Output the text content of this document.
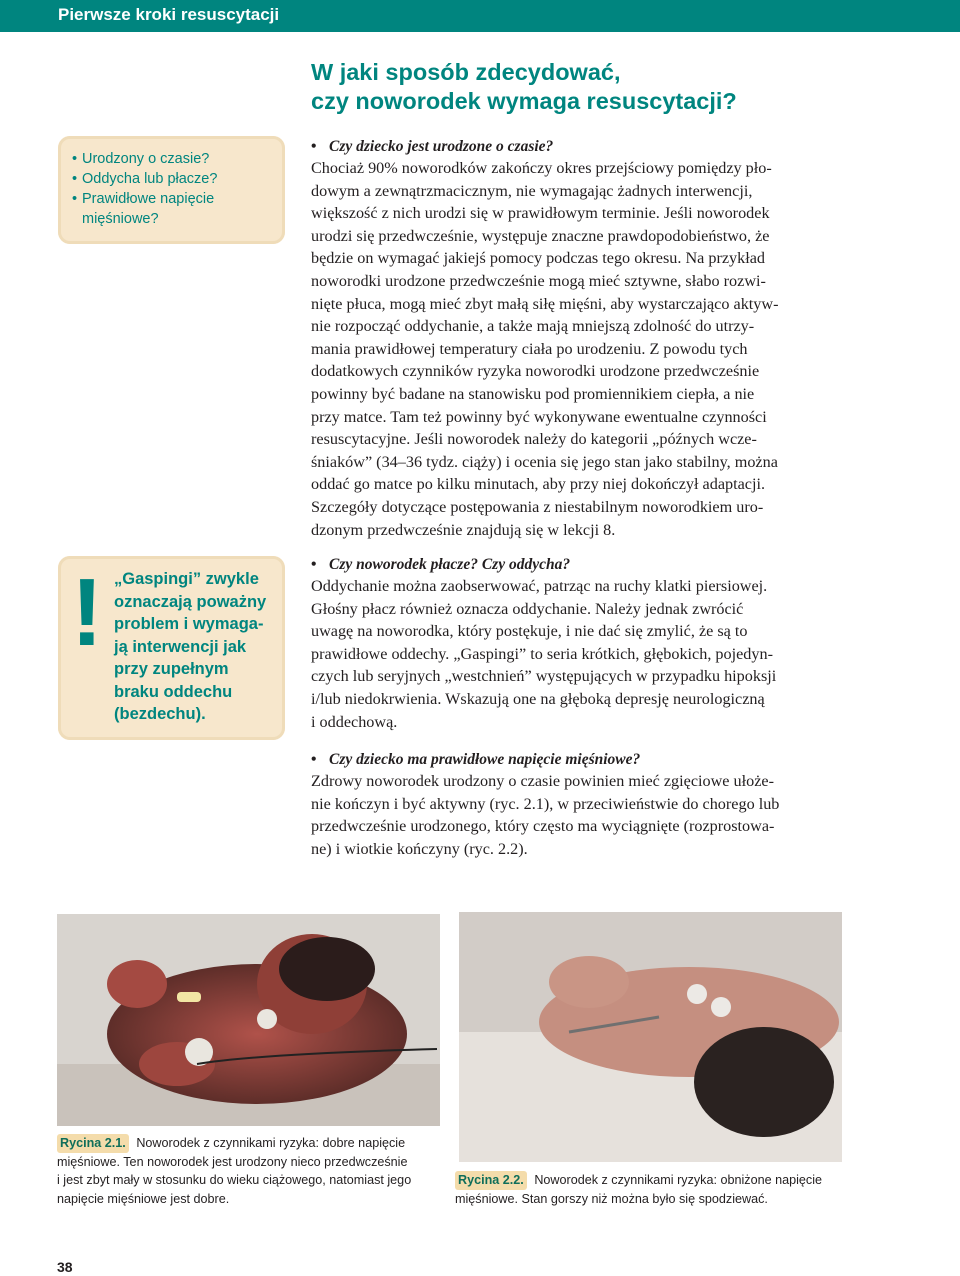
Pierwsze kroki resuscytacji
W jaki sposób zdecydować,
czy noworodek wymaga resuscytacji?
• Urodzony o czasie?
• Oddycha lub płacze?
• Prawidłowe napięcie
mięśniowe?
! „Gaspingi” zwykle
oznaczają poważny
problem i wymaga-
ją interwencji jak
przy zupełnym
braku oddechu
(bezdechu).
• Czy dziecko jest urodzone o czasie?
Chociaż 90% noworodków zakończy okres przejściowy pomiędzy pło-
dowym a zewnątrzmacicznym, nie wymagając żadnych interwencji,
większość z nich urodzi się w prawidłowym terminie. Jeśli noworodek
urodzi się przedwcześnie, występuje znaczne prawdopodobieństwo, że
będzie on wymagać jakiejś pomocy podczas tego okresu. Na przykład
noworodki urodzone przedwcześnie mogą mieć sztywne, słabo rozwi-
nięte płuca, mogą mieć zbyt małą siłę mięśni, aby wystarczająco aktyw-
nie rozpocząć oddychanie, a także mają mniejszą zdolność do utrzy-
mania prawidłowej temperatury ciała po urodzeniu. Z powodu tych
dodatkowych czynników ryzyka noworodki urodzone przedwcześnie
powinny być badane na stanowisku pod promiennikiem ciepła, a nie
przy matce. Tam też powinny być wykonywane ewentualne czynności
resuscytacyjne. Jeśli noworodek należy do kategorii „późnych wcze-
śniaków” (34–36 tydz. ciąży) i ocenia się jego stan jako stabilny, można
oddać go matce po kilku minutach, aby przy niej dokończył adaptacji.
Szczegóły dotyczące postępowania z niestabilnym noworodkiem uro-
dzonym przedwcześnie znajdują się w lekcji 8.
• Czy noworodek płacze? Czy oddycha?
Oddychanie można zaobserwować, patrząc na ruchy klatki piersiowej.
Głośny płacz również oznacza oddychanie. Należy jednak zwrócić
uwagę na noworodka, który postękuje, i nie dać się zmylić, że są to
prawidłowe oddechy. „Gaspingi” to seria krótkich, głębokich, pojedyn-
czych lub seryjnych „westchnień” występujących w przypadku hipoksji
i/lub niedokrwienia. Wskazują one na głęboką depresję neurologiczną
i oddechową.
• Czy dziecko ma prawidłowe napięcie mięśniowe?
Zdrowy noworodek urodzony o czasie powinien mieć zgięciowe ułoże-
nie kończyn i być aktywny (ryc. 2.1), w przeciwieństwie do chorego lub
przedwcześnie urodzonego, który często ma wyciągnięte (rozprostowa-
ne) i wiotkie kończyny (ryc. 2.2).
Rycina 2.1. Noworodek z czynnikami ryzyka: dobre napięcie
mięśniowe. Ten noworodek jest urodzony nieco przedwcześnie
i jest zbyt mały w stosunku do wieku ciążowego, natomiast jego
napięcie mięśniowe jest dobre.
Rycina 2.2. Noworodek z czynnikami ryzyka: obniżone napięcie
mięśniowe. Stan gorszy niż można było się spodziewać.
38
